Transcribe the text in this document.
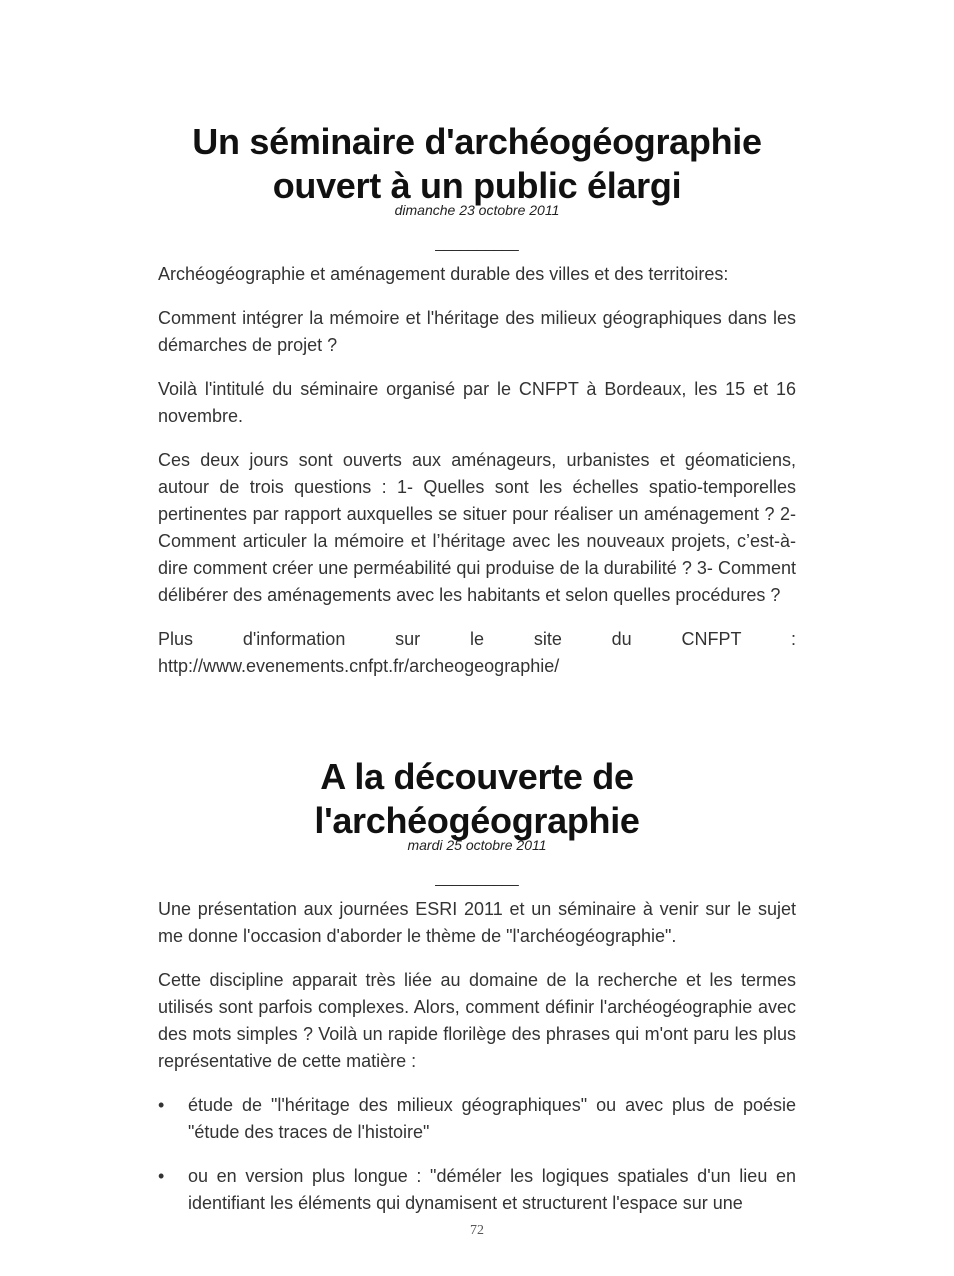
Un séminaire d'archéogéographie
ouvert à un public élargi
dimanche 23 octobre 2011
__________

Archéogéographie et aménagement durable des villes et des territoires:

Comment intégrer la mémoire et l'héritage des milieux géographiques dans les démarches de projet ?

Voilà l'intitulé du séminaire organisé par le CNFPT à Bordeaux, les 15 et 16 novembre.

Ces deux jours sont ouverts aux aménageurs, urbanistes et géomaticiens, autour de trois questions : 1- Quelles sont les échelles spatio-temporelles pertinentes par rapport auxquelles se situer pour réaliser un aménagement ? 2- Comment articuler la mémoire et l’héritage avec les nouveaux projets, c’est-à-dire comment créer une perméabilité qui produise de la durabilité ? 3- Comment délibérer des aménagements avec les habitants et selon quelles procédures ?

Plus d'information sur le site du CNFPT : http://www.evenements.cnfpt.fr/archeogeographie/

A la découverte de l'archéogéographie
mardi 25 octobre 2011
__________

Une présentation aux journées ESRI 2011 et un séminaire à venir sur le sujet me donne l'occasion d'aborder le thème de "l'archéogéographie".

Cette discipline apparait très liée au domaine de la recherche et les termes utilisés sont parfois complexes. Alors, comment définir l'archéogéographie avec des mots simples ? Voilà un rapide florilège des phrases qui m'ont paru les plus représentative de cette matière :

• étude de "l'héritage des milieux géographiques" ou avec plus de poésie "étude des traces de l'histoire"
• ou en version plus longue : "déméler les logiques spatiales d'un lieu en identifiant les éléments qui dynamisent et structurent l'espace sur une
72
